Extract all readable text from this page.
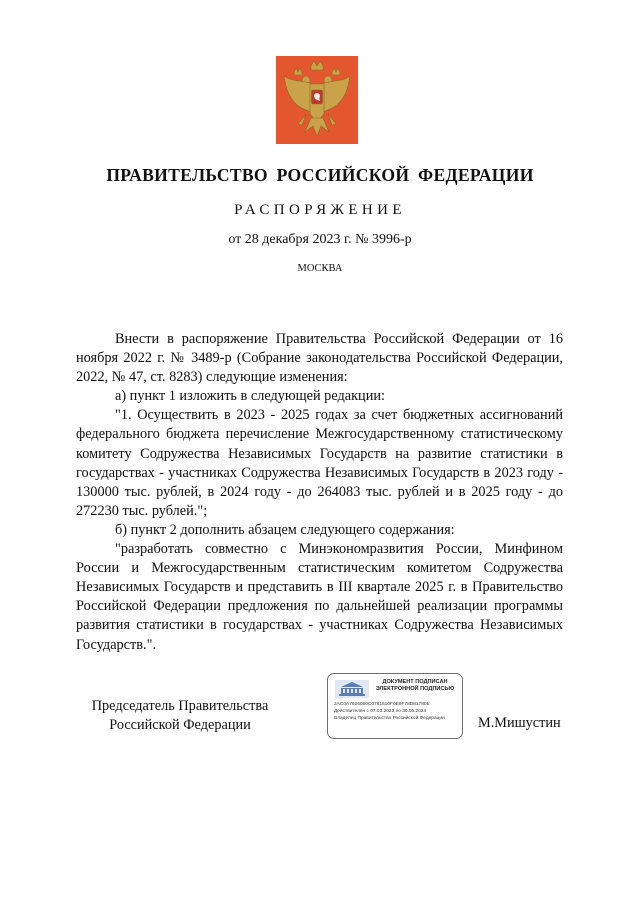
ПРАВИТЕЛЬСТВО РОССИЙСКОЙ ФЕДЕРАЦИИ
РАСПОРЯЖЕНИЕ
от 28 декабря 2023 г. № 3996-р
МОСКВА

Внести в распоряжение Правительства Российской Федерации от 16 ноября 2022 г. № 3489-р (Собрание законодательства Российской Федерации, 2022, № 47, ст. 8283) следующие изменения:

а) пункт 1 изложить в следующей редакции:

"1. Осуществить в 2023 - 2025 годах за счет бюджетных ассигнований федерального бюджета перечисление Межгосударственному статистическому комитету Содружества Независимых Государств на развитие статистики в государствах - участниках Содружества Независимых Государств в 2023 году - 130000 тыс. рублей, в 2024 году - до 264083 тыс. рублей и в 2025 году - до 272230 тыс. рублей.";

б) пункт 2 дополнить абзацем следующего содержания:

"разработать совместно с Минэкономразвития России, Минфином России и Межгосударственным статистическим комитетом Содружества Независимых Государств и представить в III квартале 2025 г. в Правительство Российской Федерации предложения по дальнейшей реализации программы развития статистики в государствах - участниках Содружества Независимых Государств.".

Председатель Правительства
Российской Федерации
ДОКУМЕНТ ПОДПИСАН
ЭЛЕКТРОННОЙ ПОДПИСЬЮ
2AC0A7926050C0781610F0E9F78D81780E
Действителен с 07.03.2023 по 30.05.2024
Владелец Правительство Российской Федерации	М.Мишустин
